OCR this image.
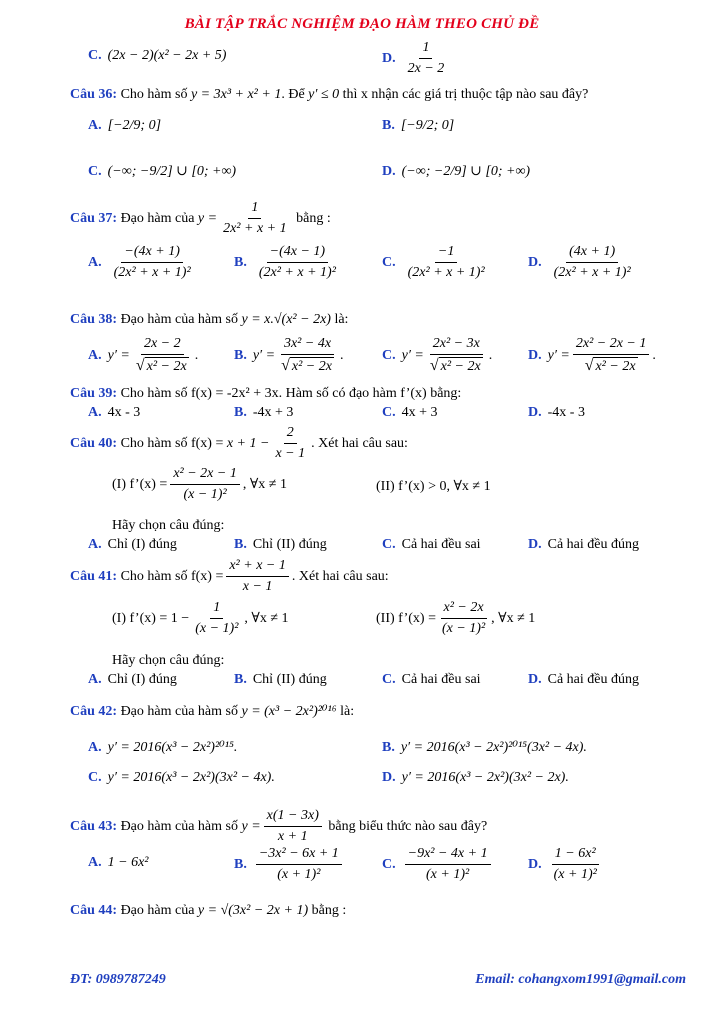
BÀI TẬP TRẮC NGHIỆM ĐẠO HÀM THEO CHỦ ĐỀ
C. (2x − 2)(x² − 2x + 5)	D. $\frac{1}{2x - 2}$
Câu 36: Cho hàm số y = 3x³ + x² + 1. Để y′ ≤ 0 thì x nhận các giá trị thuộc tập nào sau đây?
A. [−2/9; 0]	B. [−9/2; 0]
C. (−∞; −9/2] ∪ [0; +∞)	D. (−∞; −2/9] ∪ [0; +∞)
Câu 37: Đạo hàm của $y = \frac{1}{\text{2x² + x + 1}}$ bằng :
A. $\frac{-(4x + 1)}{\text{(2x² + x + 1)²}}$	B. $\frac{-(4x - 1)}{\text{(2x² + x + 1)²}}$	C. $\frac{-1}{\text{(2x² + x + 1)²}}$	D. $\frac{(4x + 1)}{\text{(2x² + x + 1)²}}$
Câu 38: Đạo hàm của hàm số y = x.√(x² − 2x) là:
A. $y' = \frac{2x - 2}{\text{√ x² − 2x}}$ .	B. $y' = \frac{\text{3x² − 4x}}{\text{√ x² − 2x}}$ .	C. $y' = \frac{\text{2x² − 3x}}{\text{√ x² − 2x}}$ .	D. $y' = \frac{\text{2x² − 2x − 1}}{\text{√ x² − 2x}}$ .
Câu 39: Cho hàm số f(x) = -2x² + 3x. Hàm số có đạo hàm f’(x) bằng:
A. 4x - 3	B. -4x + 3	C. 4x + 3	D. -4x - 3
Câu 40: Cho hàm số $f(x) = x + 1 - \frac{2}{x - 1}$ . Xét hai câu sau:
(I) f’(x) = $\frac{\text{x² − 2x − 1}}{\text{(x − 1)²}}$ , ∀x ≠ 1	(II) f’(x) > 0, ∀x ≠ 1
Hãy chọn câu đúng:
A. Chỉ (I) đúng	B. Chỉ (II) đúng	C. Cả hai đều sai	D. Cả hai đều đúng
Câu 41: Cho hàm số $f(x) = \frac{\text{x² + x − 1}}{x - 1}$ . Xét hai câu sau:
(I) f’(x) = $1 - \frac{1}{\text{(x − 1)²}}$ , ∀x ≠ 1	(II) f’(x) = $\frac{\text{x² − 2x}}{\text{(x − 1)²}}$ , ∀x ≠ 1
Hãy chọn câu đúng:
A. Chỉ (I) đúng	B. Chỉ (II) đúng	C. Cả hai đều sai	D. Cả hai đều đúng
Câu 42: Đạo hàm của hàm số y = (x³ − 2x²)²⁰¹⁶ là:
A. y′ = 2016(x³ − 2x²)²⁰¹⁵.	B. y′ = 2016(x³ − 2x²)²⁰¹⁵(3x² − 4x).
C. y′ = 2016(x³ − 2x²)(3x² − 4x).	D. y′ = 2016(x³ − 2x²)(3x² − 2x).
Câu 43: Đạo hàm của hàm số $y = \frac{x(1 - 3x)}{x + 1}$ bằng biểu thức nào sau đây?
A. 1 − 6x²	B. $\frac{\text{−3x² − 6x + 1}}{\text{(x + 1)²}}$	C. $\frac{\text{−9x² − 4x + 1}}{\text{(x + 1)²}}$	D. $\frac{\text{1 − 6x²}}{\text{(x + 1)²}}$
Câu 44: Đạo hàm của y = √(3x² − 2x + 1) bằng :
ĐT: 0989787249	Email: cohangxom1991@gmail.com
